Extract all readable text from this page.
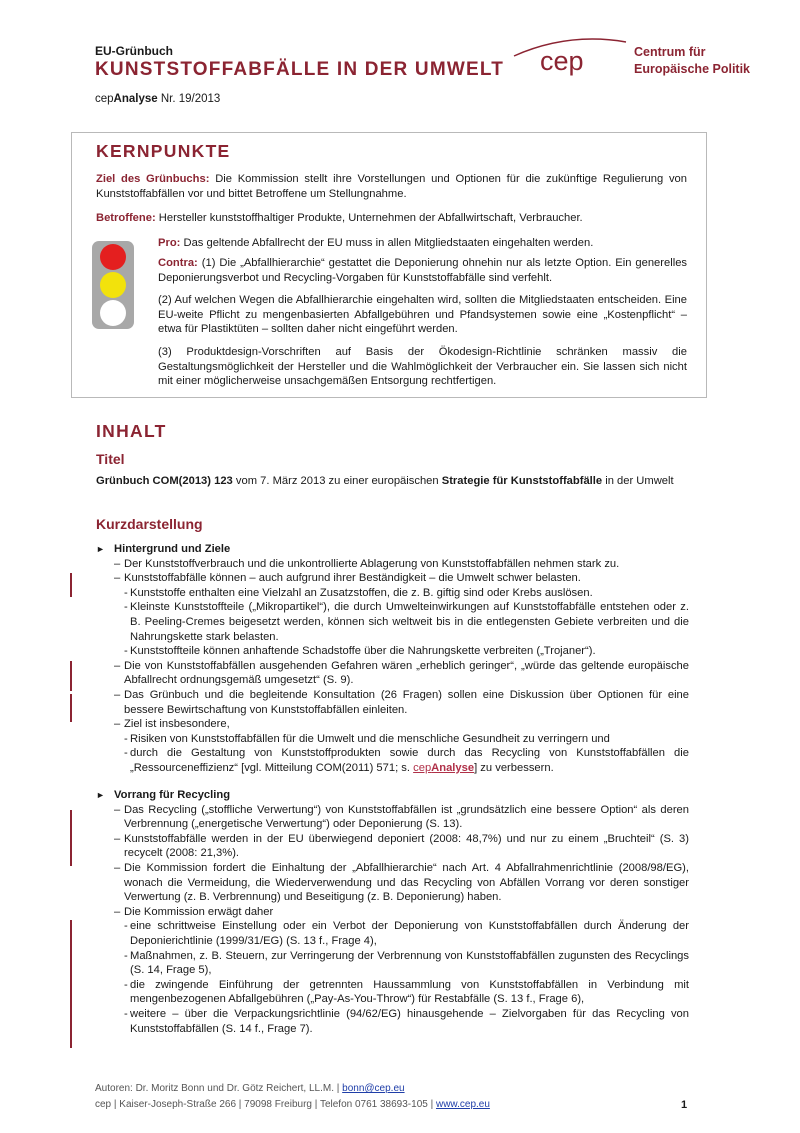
EU-Grünbuch
KUNSTSTOFFABFÄLLE IN DER UMWELT
cepAnalyse Nr. 19/2013
cep	Centrum für
Europäische Politik
KERNPUNKTE
Ziel des Grünbuchs: Die Kommission stellt ihre Vorstellungen und Optionen für die zukünftige Regulierung von Kunststoffabfällen vor und bittet Betroffene um Stellungnahme.
Betroffene: Hersteller kunststoffhaltiger Produkte, Unternehmen der Abfallwirtschaft, Verbraucher.
Pro: Das geltende Abfallrecht der EU muss in allen Mitgliedstaaten eingehalten werden.
Contra: (1) Die „Abfallhierarchie“ gestattet die Deponierung ohnehin nur als letzte Option. Ein generelles Deponierungsverbot und Recycling-Vorgaben für Kunststoffabfälle sind verfehlt.
(2) Auf welchen Wegen die Abfallhierarchie eingehalten wird, sollten die Mitgliedstaaten entscheiden. Eine EU-weite Pflicht zu mengenbasierten Abfallgebühren und Pfandsystemen sowie eine „Kostenpflicht“ – etwa für Plastiktüten – sollten daher nicht eingeführt werden.
(3) Produktdesign-Vorschriften auf Basis der Ökodesign-Richtlinie schränken massiv die Gestaltungsmöglichkeit der Hersteller und die Wahlmöglichkeit der Verbraucher ein. Sie lassen sich nicht mit einer möglicherweise unsachgemäßen Entsorgung rechtfertigen.
INHALT
Titel
Grünbuch COM(2013) 123 vom 7. März 2013 zu einer europäischen Strategie für Kunststoffabfälle in der Umwelt
Kurzdarstellung
► Hintergrund und Ziele
– Der Kunststoffverbrauch und die unkontrollierte Ablagerung von Kunststoffabfällen nehmen stark zu.
– Kunststoffabfälle können – auch aufgrund ihrer Beständigkeit – die Umwelt schwer belasten.
- Kunststoffe enthalten eine Vielzahl an Zusatzstoffen, die z. B. giftig sind oder Krebs auslösen.
- Kleinste Kunststoffteile („Mikropartikel“), die durch Umwelteinwirkungen auf Kunststoffabfälle entstehen oder z. B. Peeling-Cremes beigesetzt werden, können sich weltweit bis in die entlegensten Gebiete verbreiten und die Nahrungskette stark belasten.
- Kunststoffteile können anhaftende Schadstoffe über die Nahrungskette verbreiten („Trojaner“).
– Die von Kunststoffabfällen ausgehenden Gefahren wären „erheblich geringer“, „würde das geltende europäische Abfallrecht ordnungsgemäß umgesetzt“ (S. 9).
– Das Grünbuch und die begleitende Konsultation (26 Fragen) sollen eine Diskussion über Optionen für eine bessere Bewirtschaftung von Kunststoffabfällen einleiten.
– Ziel ist insbesondere,
- Risiken von Kunststoffabfällen für die Umwelt und die menschliche Gesundheit zu verringern und
- durch die Gestaltung von Kunststoffprodukten sowie durch das Recycling von Kunststoffabfällen die „Ressourceneffizienz“ [vgl. Mitteilung COM(2011) 571; s. cepAnalyse] zu verbessern.
► Vorrang für Recycling
– Das Recycling („stoffliche Verwertung“) von Kunststoffabfällen ist „grundsätzlich eine bessere Option“ als deren Verbrennung („energetische Verwertung“) oder Deponierung (S. 13).
– Kunststoffabfälle werden in der EU überwiegend deponiert (2008: 48,7%) und nur zu einem „Bruchteil“ (S. 3) recycelt (2008: 21,3%).
– Die Kommission fordert die Einhaltung der „Abfallhierarchie“ nach Art. 4 Abfallrahmenrichtlinie (2008/98/EG), wonach die Vermeidung, die Wiederverwendung und das Recycling von Abfällen Vorrang vor deren sonstiger Verwertung (z. B. Verbrennung) und Beseitigung (z. B. Deponierung) haben.
– Die Kommission erwägt daher
- eine schrittweise Einstellung oder ein Verbot der Deponierung von Kunststoffabfällen durch Änderung der Deponierichtlinie (1999/31/EG) (S. 13 f., Frage 4),
- Maßnahmen, z. B. Steuern, zur Verringerung der Verbrennung von Kunststoffabfällen zugunsten des Recyclings (S. 14, Frage 5),
- die zwingende Einführung der getrennten Haussammlung von Kunststoffabfällen in Verbindung mit mengenbezogenen Abfallgebühren („Pay-As-You-Throw“) für Restabfälle (S. 13 f., Frage 6),
- weitere – über die Verpackungsrichtlinie (94/62/EG) hinausgehende – Zielvorgaben für das Recycling von Kunststoffabfällen (S. 14 f., Frage 7).
Autoren: Dr. Moritz Bonn und Dr. Götz Reichert, LL.M. | bonn@cep.eu
cep | Kaiser-Joseph-Straße 266 | 79098 Freiburg | Telefon 0761 38693-105 | www.cep.eu	1
